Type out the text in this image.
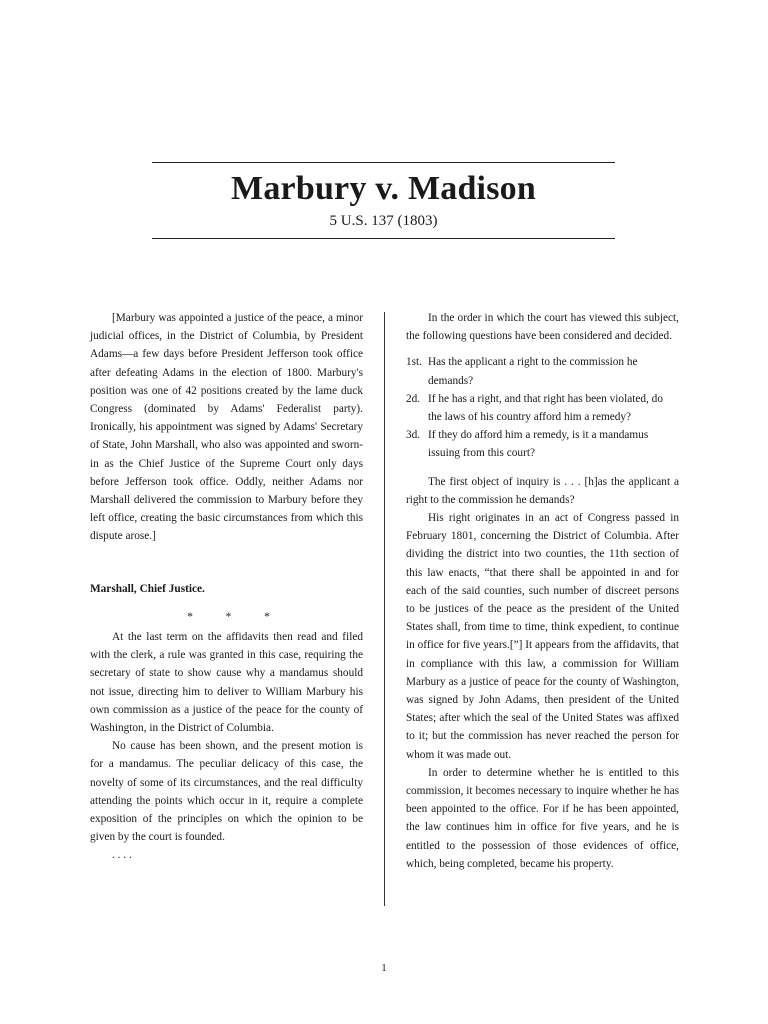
Marbury v. Madison
5 U.S. 137 (1803)

[Marbury was appointed a justice of the peace, a minor judicial offices, in the District of Columbia, by President Adams—a few days before President Jefferson took office after defeating Adams in the election of 1800. Marbury's position was one of 42 positions created by the lame duck Congress (dominated by Adams' Federalist party). Ironically, his appointment was signed by Adams' Secretary of State, John Marshall, who also was appointed and sworn-in as the Chief Justice of the Supreme Court only days before Jefferson took office. Oddly, neither Adams nor Marshall delivered the commission to Marbury before they left office, creating the basic circumstances from which this dispute arose.]

Marshall, Chief Justice.

* * *

At the last term on the affidavits then read and filed with the clerk, a rule was granted in this case, requiring the secretary of state to show cause why a mandamus should not issue, directing him to deliver to William Marbury his own commission as a justice of the peace for the county of Washington, in the District of Columbia.

No cause has been shown, and the present motion is for a mandamus. The peculiar delicacy of this case, the novelty of some of its circumstances, and the real difficulty attending the points which occur in it, require a complete exposition of the principles on which the opinion to be given by the court is founded.

. . . .

In the order in which the court has viewed this subject, the following questions have been considered and decided.

1st. Has the applicant a right to the commission he demands?
2d. If he has a right, and that right has been violated, do the laws of his country afford him a remedy?
3d. If they do afford him a remedy, is it a mandamus issuing from this court?

The first object of inquiry is . . . [h]as the applicant a right to the commission he demands?

His right originates in an act of Congress passed in February 1801, concerning the District of Columbia. After dividing the district into two counties, the 11th section of this law enacts, “that there shall be appointed in and for each of the said counties, such number of discreet persons to be justices of the peace as the president of the United States shall, from time to time, think expedient, to continue in office for five years.[”] It appears from the affidavits, that in compliance with this law, a commission for William Marbury as a justice of peace for the county of Washington, was signed by John Adams, then president of the United States; after which the seal of the United States was affixed to it; but the commission has never reached the person for whom it was made out.

In order to determine whether he is entitled to this commission, it becomes necessary to inquire whether he has been appointed to the office. For if he has been appointed, the law continues him in office for five years, and he is entitled to the possession of those evidences of office, which, being completed, became his property.

1
